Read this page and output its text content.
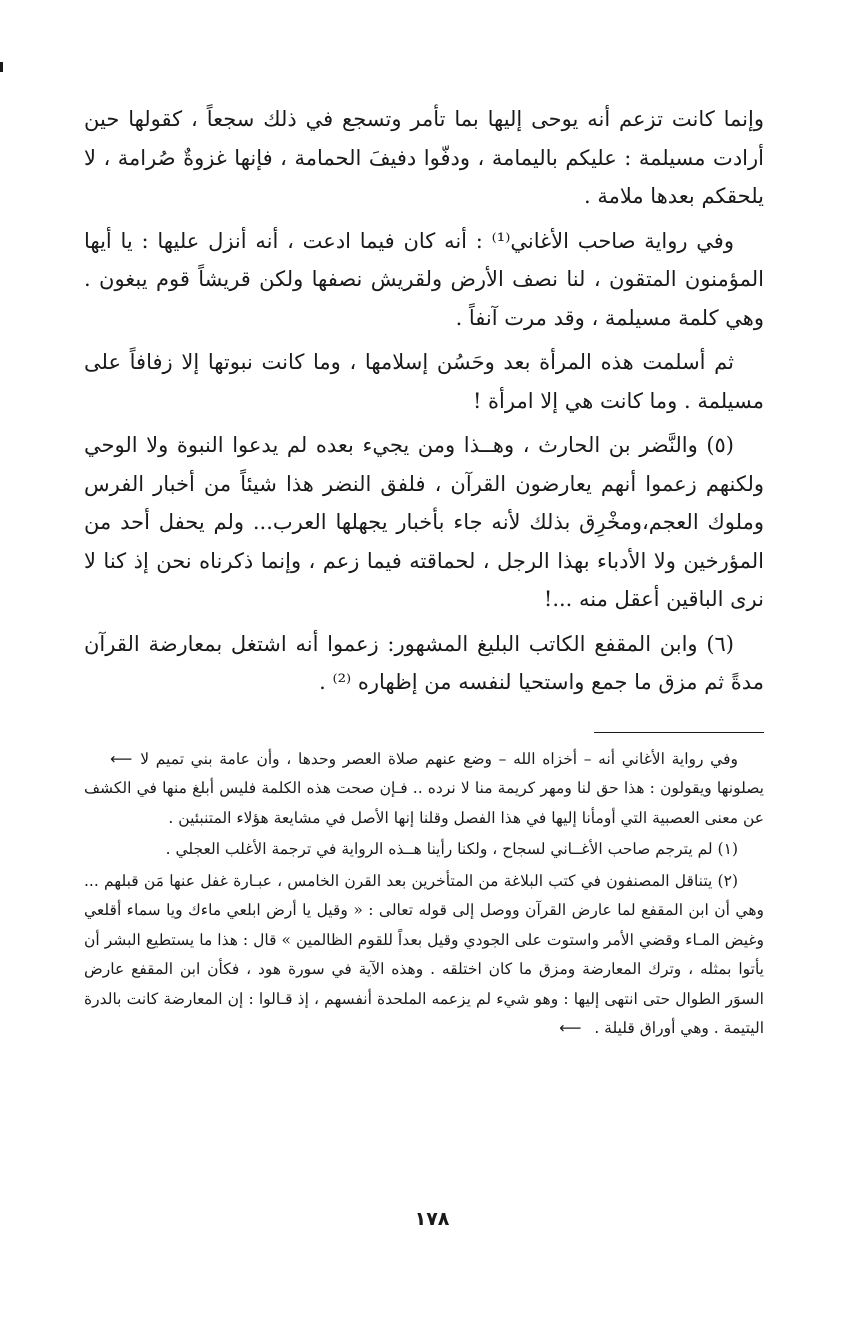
وإنما كانت تزعم أنه يوحى إليها بما تأمر وتسجع في ذلك سجعاً ، كقولها حين أرادت مسيلمة : عليكم باليمامة ، ودفّوا دفيفَ الحمامة ، فإنها غزوةٌ صُرامة ، لا يلحقكم بعدها ملامة .

وفي رواية صاحب الأغاني⁽¹⁾ : أنه كان فيما ادعت ، أنه أنزل عليها : يا أيها المؤمنون المتقون ، لنا نصف الأرض ولقريش نصفها ولكن قريشاً قوم يبغون . وهي كلمة مسيلمة ، وقد مرت آنفاً .

ثم أسلمت هذه المرأة بعد وحَسُن إسلامها ، وما كانت نبوتها إلا زفافاً على مسيلمة . وما كانت هي إلا امرأة !

(٥) والنَّضر بن الحارث ، وهــذا ومن يجيء بعده لم يدعوا النبوة ولا الوحي ولكنهم زعموا أنهم يعارضون القرآن ، فلفق النضر هذا شيئاً من أخبار الفرس وملوك العجم،ومخْرِق بذلك لأنه جاء بأخبار يجهلها العرب... ولم يحفل أحد من المؤرخين ولا الأدباء بهذا الرجل ، لحماقته فيما زعم ، وإنما ذكرناه نحن إذ كنا لا نرى الباقين أعقل منه ...!

(٦) وابن المقفع الكاتب البليغ المشهور: زعموا أنه اشتغل بمعارضة القرآن مدةً ثم مزق ما جمع واستحيا لنفسه من إظهاره ⁽²⁾ .

⟵ وفي رواية الأغاني أنه – أخزاه الله – وضع عنهم صلاة العصر وحدها ، وأن عامة بني تميم لا يصلونها ويقولون : هذا حق لنا ومهر كريمة منا لا نرده .. فـإن صحت هذه الكلمة فليس أبلغ منها في الكشف عن معنى العصبية التي أومأنا إليها في هذا الفصل وقلنا إنها الأصل في مشايعة هؤلاء المتنبئين .

(١) لم يترجم صاحب الأغــاني لسجاح ، ولكنا رأينا هــذه الرواية في ترجمة الأغلب العجلي .

(٢) يتناقل المصنفون في كتب البلاغة من المتأخرين بعد القرن الخامس ، عبـارة غفل عنها مَن قبلهم ... وهي أن ابن المقفع لما عارض القرآن ووصل إلى قوله تعالى : « وقيل يا أرض ابلعي ماءك ويا سماء أقلعي وغيض المـاء وقضي الأمر واستوت على الجودي وقيل بعداً للقوم الظالمين » قال : هذا ما يستطيع البشر أن يأتوا بمثله ، وترك المعارضة ومزق ما كان اختلقه . وهذه الآية في سورة هود ، فكأن ابن المقفع عارض السوَر الطوال حتى انتهى إليها : وهو شيء لم يزعمه الملحدة أنفسهم ، إذ قـالوا : إن المعارضة كانت بالدرة اليتيمة . وهي أوراق قليلة . ⟵

١٧٨
